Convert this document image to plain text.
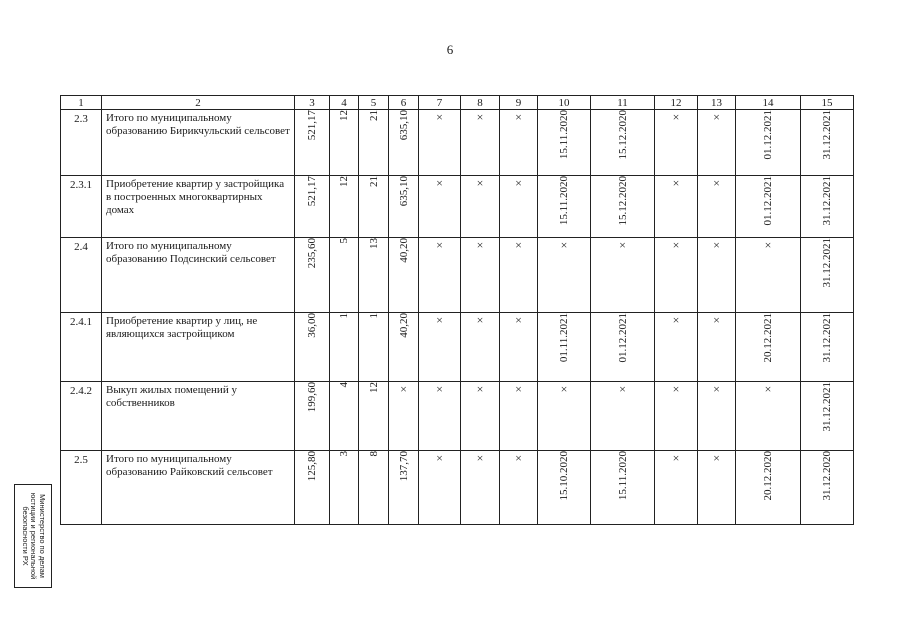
6
1	2	3	4	5	6	7	8	9	10	11	12	13	14	15
2.3	Итого по муниципальному образованию Бирикчульский сельсовет	521,17	12	21	635,10	×	×	×	15.11.2020	15.12.2020	×	×	01.12.2021	31.12.2021

2.3.1	Приобретение квартир у застройщика в построенных многоквартирных домах	521,17	12	21	635,10	×	×	×	15.11.2020	15.12.2020	×	×	01.12.2021	31.12.2021

2.4	Итого по муниципальному образованию Подсинский сельсовет	235,60	5	13	40,20	×	×	×	×	×	×	×	×	31.12.2021

2.4.1	Приобретение квартир у лиц, не являющихся застройщиком	36,00	1	1	40,20	×	×	×	01.11.2021	01.12.2021	×	×	20.12.2021	31.12.2021

2.4.2	Выкуп жилых помещений у собственников	199,60	4	12	×	×	×	×	×	×	×	×	×	31.12.2021

2.5	Итого по муниципальному образованию Райковский сельсовет	125,80	3	8	137,70	×	×	×	15.10.2020	15.11.2020	×	×	20.12.2020	31.12.2020
Министерство по делам юстиции и региональной безопасности РХ
